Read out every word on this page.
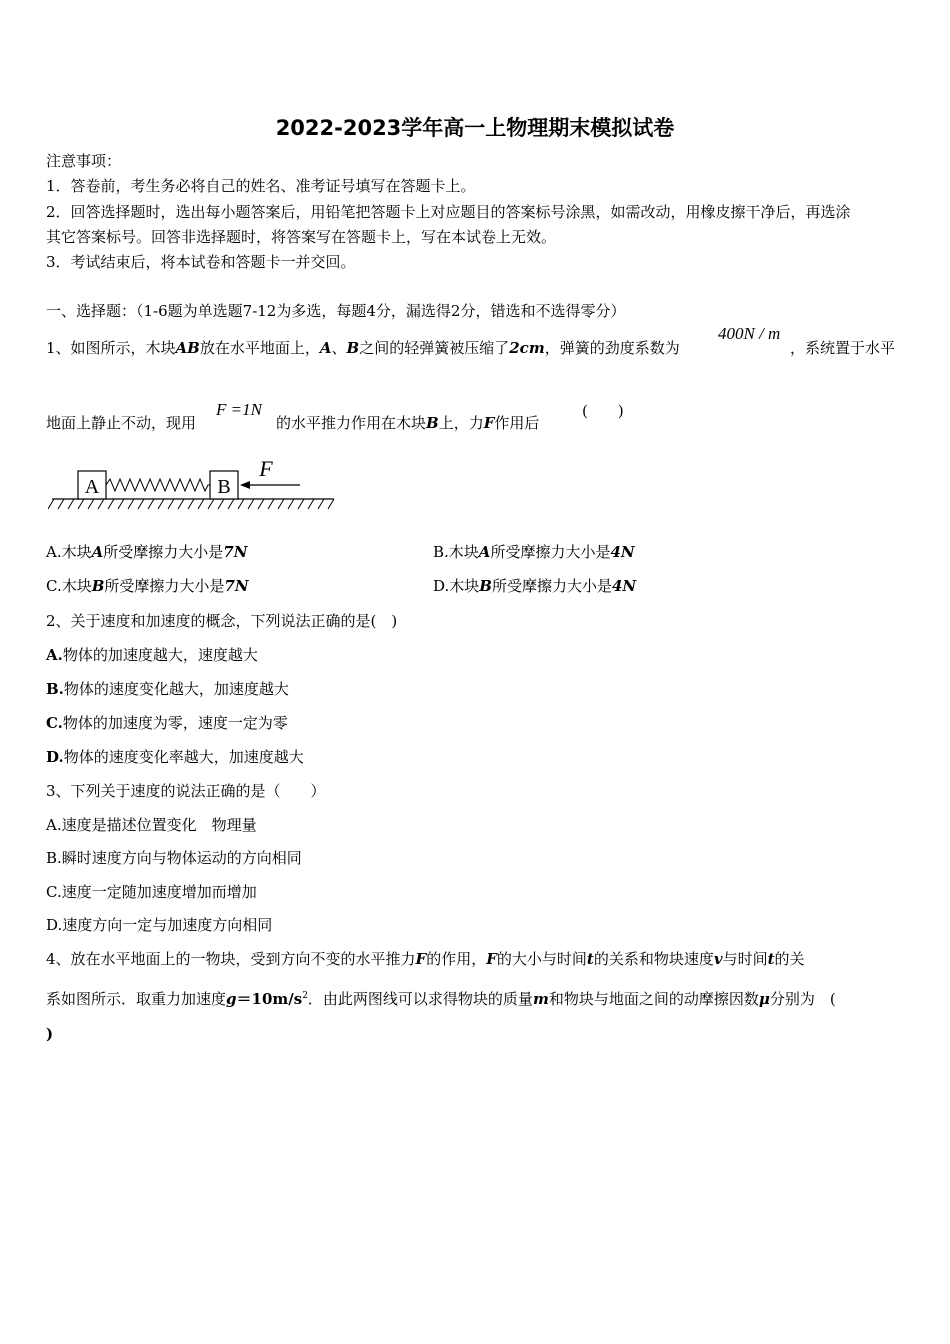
2022-2023学年高一上物理期末模拟试卷
注意事项：
1．答卷前，考生务必将自己的姓名、准考证号填写在答题卡上。
2．回答选择题时，选出每小题答案后，用铅笔把答题卡上对应题目的答案标号涂黑，如需改动，用橡皮擦干净后，再选涂
其它答案标号。回答非选择题时，将答案写在答题卡上，写在本试卷上无效。
3．考试结束后，将本试卷和答题卡一并交回。
一、选择题：（1-6题为单选题7-12为多选，每题4分，漏选得2分，错选和不选得零分）
1、如图所示，木块AB放在水平地面上，A、B之间的轻弹簧被压缩了2cm，弹簧的劲度系数为
400N / m
，系统置于水平
地面上静止不动，现用
F =1N
的水平推力作用在木块B上，力F作用后
(　　)
A	B
F
A.木块A所受摩擦力大小是7N	B.木块A所受摩擦力大小是4N
C.木块B所受摩擦力大小是7N	D.木块B所受摩擦力大小是4N
2、关于速度和加速度的概念，下列说法正确的是(　)
A.物体的加速度越大，速度越大
B.物体的速度变化越大，加速度越大
C.物体的加速度为零，速度一定为零
D.物体的速度变化率越大，加速度越大
3、下列关于速度的说法正确的是（　　）
A.速度是描述位置变化　物理量
B.瞬时速度方向与物体运动的方向相同
C.速度一定随加速度增加而增加
D.速度方向一定与加速度方向相同
4、放在水平地面上的一物块，受到方向不变的水平推力F的作用，F的大小与时间t的关系和物块速度v与时间t的关
系如图所示．取重力加速度$g=10m/s^2$．由此两图线可以求得物块的质量m和物块与地面之间的动摩擦因数μ分别为　(
)
